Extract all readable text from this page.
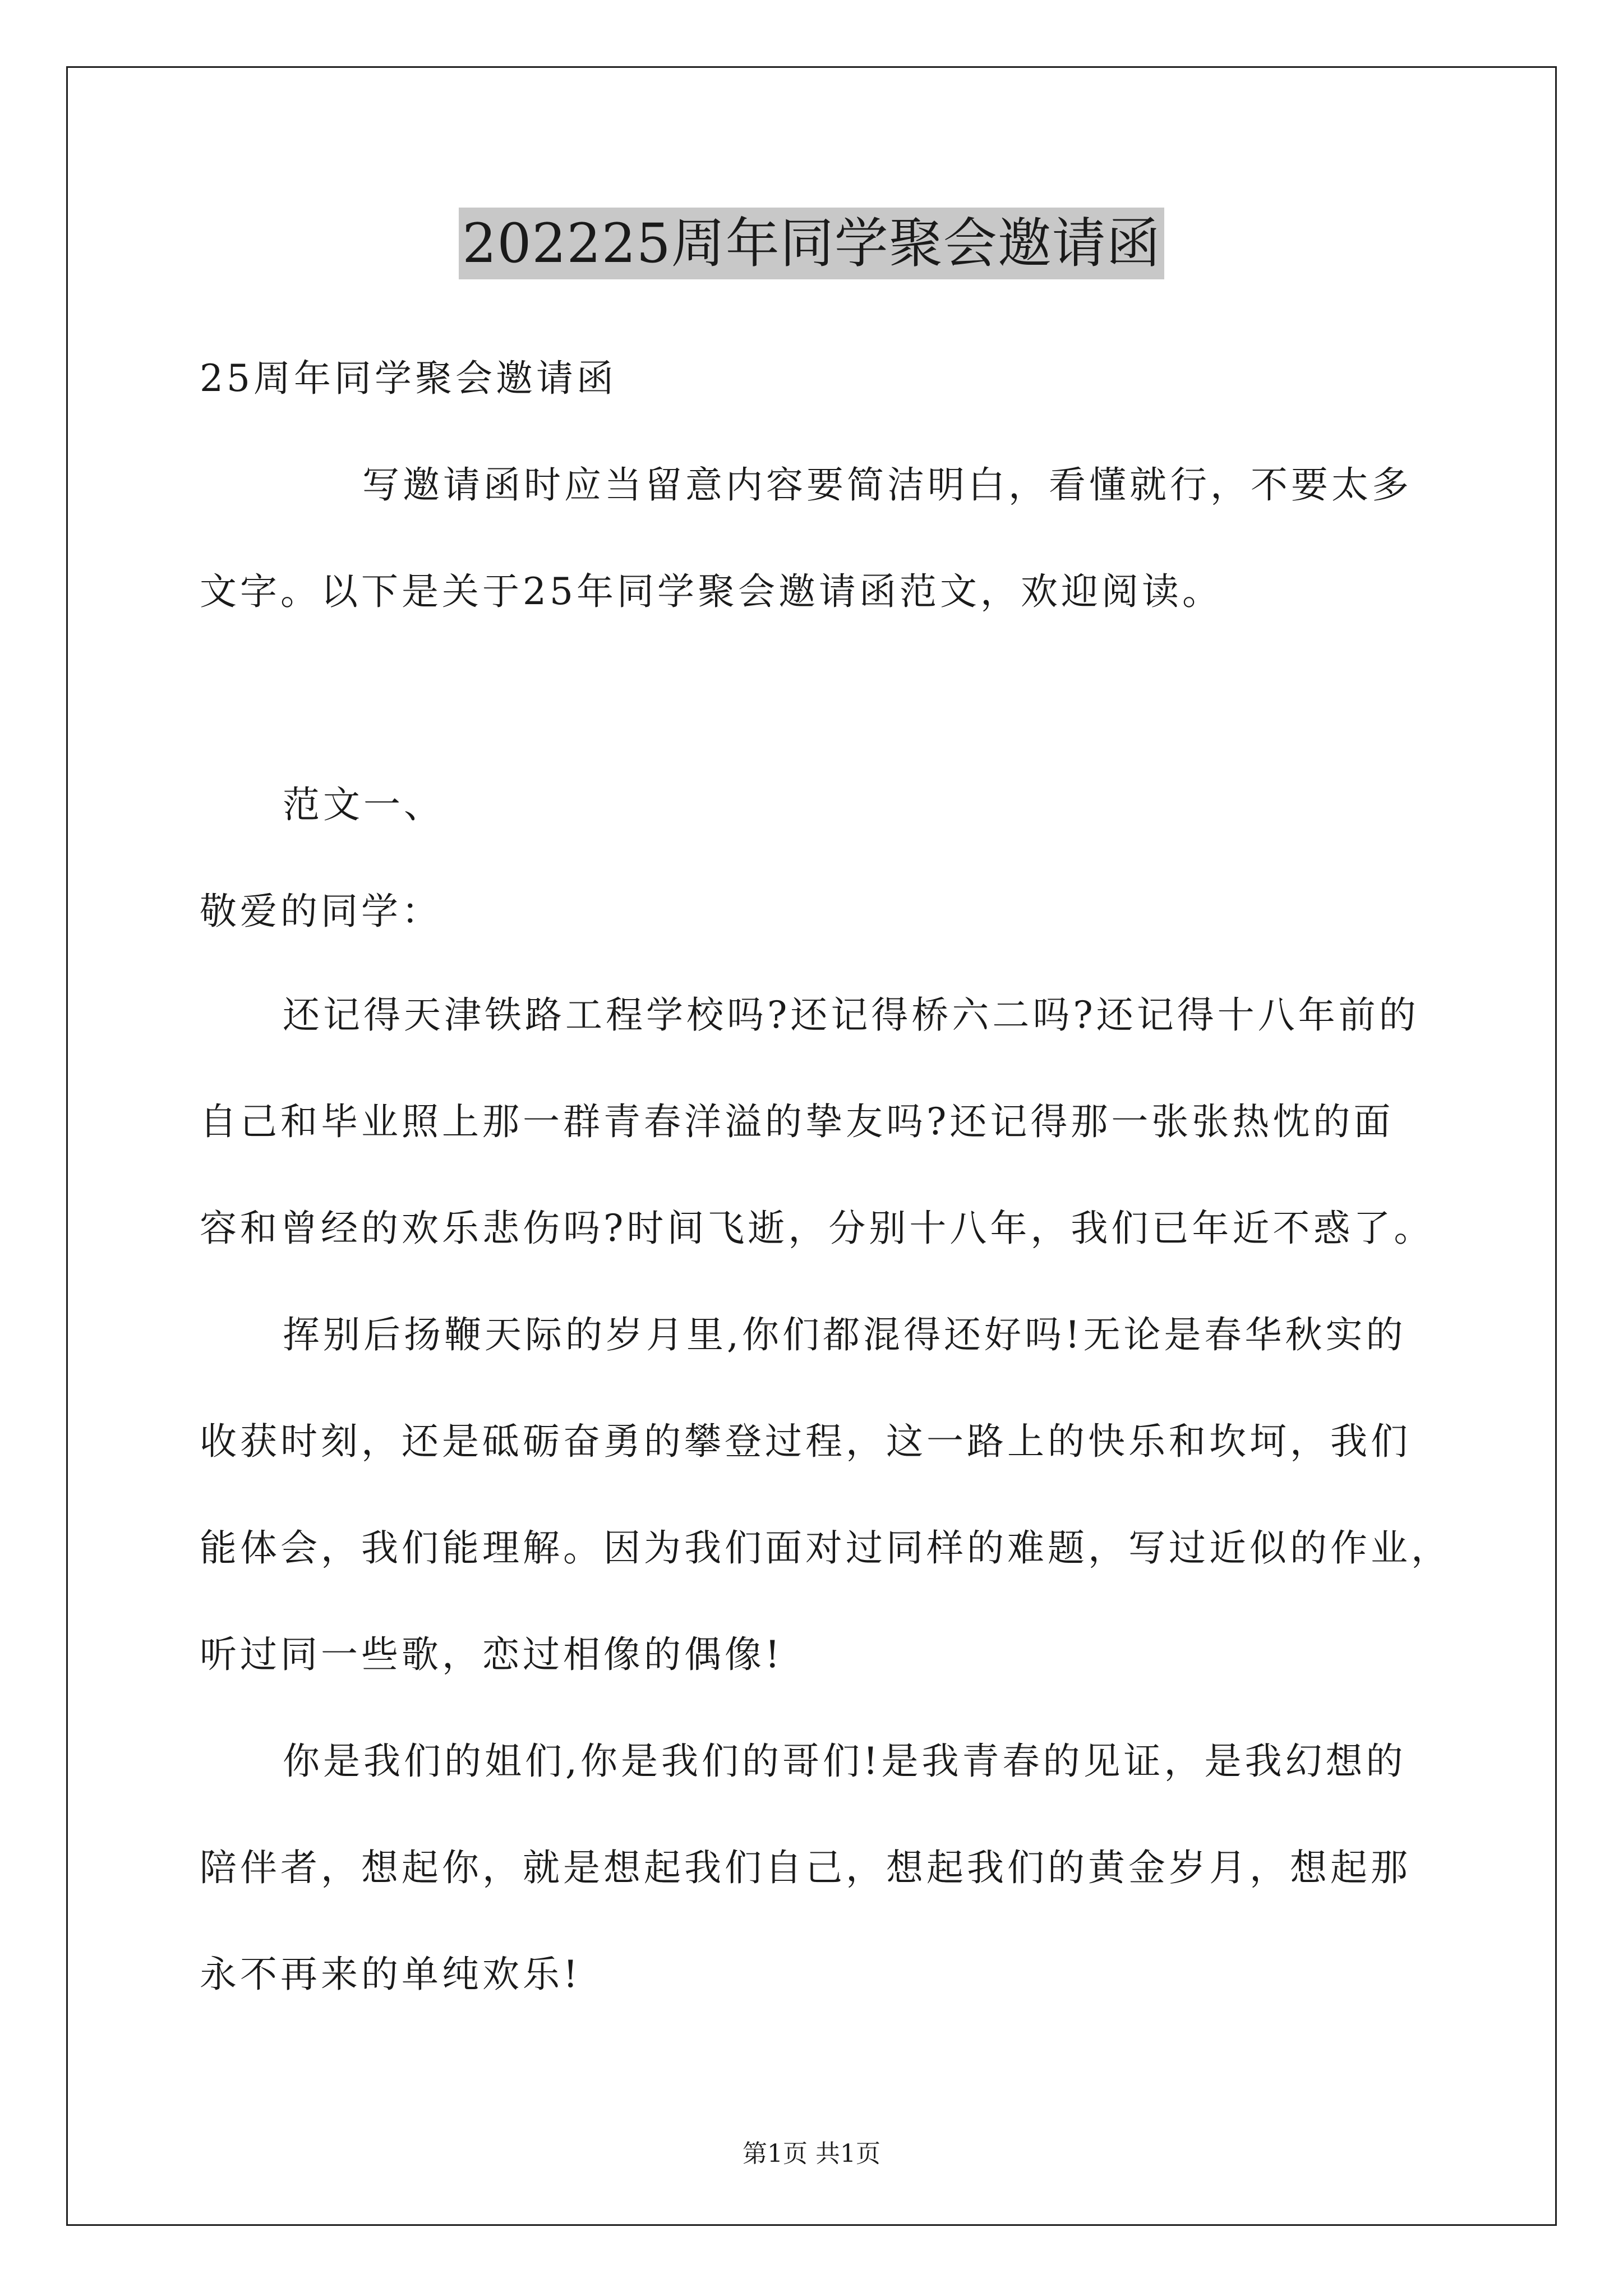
202225周年同学聚会邀请函
25周年同学聚会邀请函
写邀请函时应当留意内容要简洁明白，看懂就行，不要太多
文字。以下是关于25年同学聚会邀请函范文，欢迎阅读。
范文一、
敬爱的同学：
还记得天津铁路工程学校吗?还记得桥六二吗?还记得十八年前的
自己和毕业照上那一群青春洋溢的挚友吗?还记得那一张张热忱的面
容和曾经的欢乐悲伤吗?时间飞逝，分别十八年，我们已年近不惑了。
挥别后扬鞭天际的岁月里,你们都混得还好吗!无论是春华秋实的
收获时刻，还是砥砺奋勇的攀登过程，这一路上的快乐和坎坷，我们
能体会，我们能理解。因为我们面对过同样的难题，写过近似的作业，
听过同一些歌，恋过相像的偶像!
你是我们的姐们,你是我们的哥们!是我青春的见证，是我幻想的
陪伴者，想起你，就是想起我们自己，想起我们的黄金岁月，想起那
永不再来的单纯欢乐!
第1页 共1页
